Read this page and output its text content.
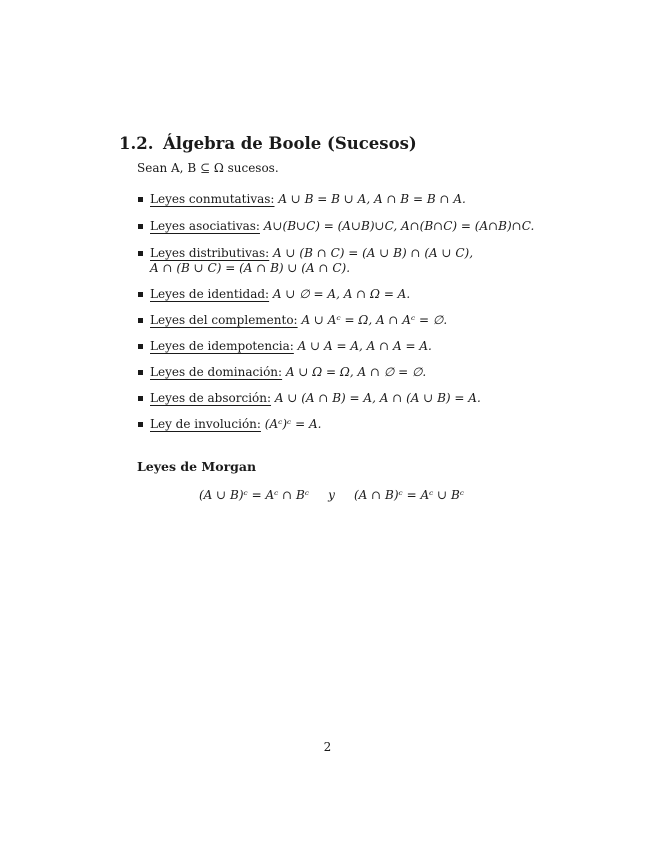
1.2. Álgebra de Boole (Sucesos)
Sean A, B ⊆ Ω sucesos.
Leyes conmutativas: A ∪ B = B ∪ A, A ∩ B = B ∩ A.
Leyes asociativas: A∪(B∪C) = (A∪B)∪C, A∩(B∩C) = (A∩B)∩C.
Leyes distributivas: A ∪ (B ∩ C) = (A ∪ B) ∩ (A ∪ C),
A ∩ (B ∪ C) = (A ∩ B) ∪ (A ∩ C).
Leyes de identidad: A ∪ ∅ = A, A ∩ Ω = A.
Leyes del complemento: A ∪ Aᶜ = Ω, A ∩ Aᶜ = ∅.
Leyes de idempotencia: A ∪ A = A, A ∩ A = A.
Leyes de dominación: A ∪ Ω = Ω, A ∩ ∅ = ∅.
Leyes de absorción: A ∪ (A ∩ B) = A, A ∩ (A ∪ B) = A.
Ley de involución: (Aᶜ)ᶜ = A.
Leyes de Morgan
(A ∪ B)ᶜ = Aᶜ ∩ Bᶜ     y     (A ∩ B)ᶜ = Aᶜ ∪ Bᶜ
2
